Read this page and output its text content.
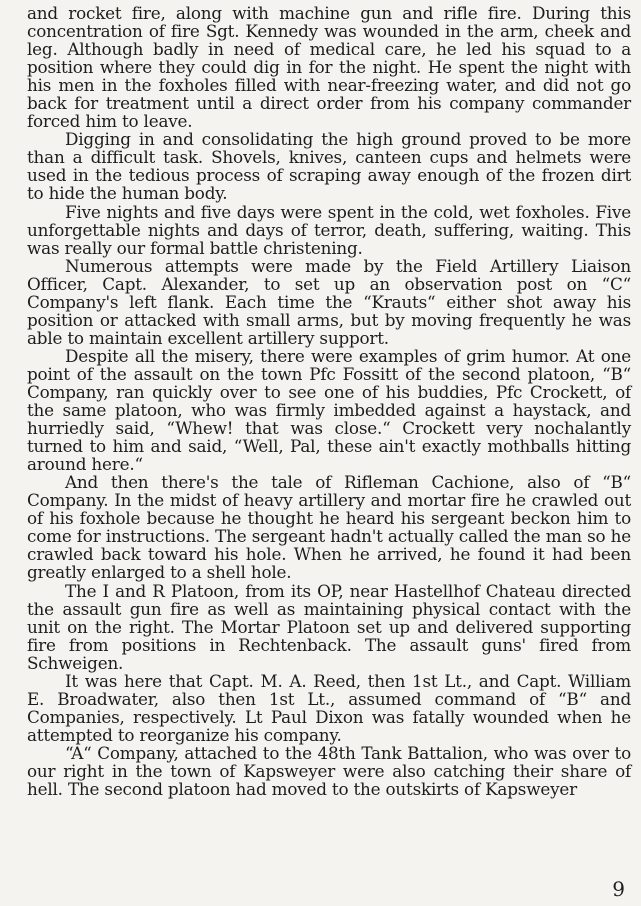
and rocket fire, along with machine gun and rifle fire. During this concentration of fire Sgt. Kennedy was wounded in the arm, cheek and leg. Although badly in need of medical care, he led his squad to a position where they could dig in for the night. He spent the night with his men in the foxholes filled with near-freezing water, and did not go back for treatment until a direct order from his company commander forced him to leave.

Digging in and consolidating the high ground proved to be more than a difficult task. Shovels, knives, canteen cups and helmets were used in the tedious process of scraping away enough of the frozen dirt to hide the human body.

Five nights and five days were spent in the cold, wet foxholes. Five unforgettable nights and days of terror, death, suffering, waiting. This was really our formal battle christening.

Numerous attempts were made by the Field Artillery Liaison Officer, Capt. Alexander, to set up an observation post on “C“ Company's left flank. Each time the “Krauts“ either shot away his position or attacked with small arms, but by moving frequently he was able to maintain excellent artillery support.

Despite all the misery, there were examples of grim humor. At one point of the assault on the town Pfc Fossitt of the second platoon, “B“ Company, ran quickly over to see one of his buddies, Pfc Crockett, of the same platoon, who was firmly imbedded against a haystack, and hurriedly said, “Whew! that was close.“ Crockett very nochalantly turned to him and said, “Well, Pal, these ain't exactly mothballs hitting around here.“

And then there's the tale of Rifleman Cachione, also of “B“ Company. In the midst of heavy artillery and mortar fire he crawled out of his foxhole because he thought he heard his sergeant beckon him to come for instructions. The sergeant hadn't actually called the man so he crawled back toward his hole. When he arrived, he found it had been greatly enlarged to a shell hole.

The I and R Platoon, from its OP, near Hastellhof Chateau directed the assault gun fire as well as maintaining physical contact with the unit on the right. The Mortar Platoon set up and delivered supporting fire from positions in Rechtenback. The assault guns' fired from Schweigen.

It was here that Capt. M. A. Reed, then 1st Lt., and Capt. William E. Broadwater, also then 1st Lt., assumed command of “B“ and Companies, respectively. Lt Paul Dixon was fatally wounded when he attempted to reorganize his company.

“A“ Company, attached to the 48th Tank Battalion, who was over to our right in the town of Kapsweyer were also catching their share of hell. The second platoon had moved to the outskirts of Kapsweyer

9
